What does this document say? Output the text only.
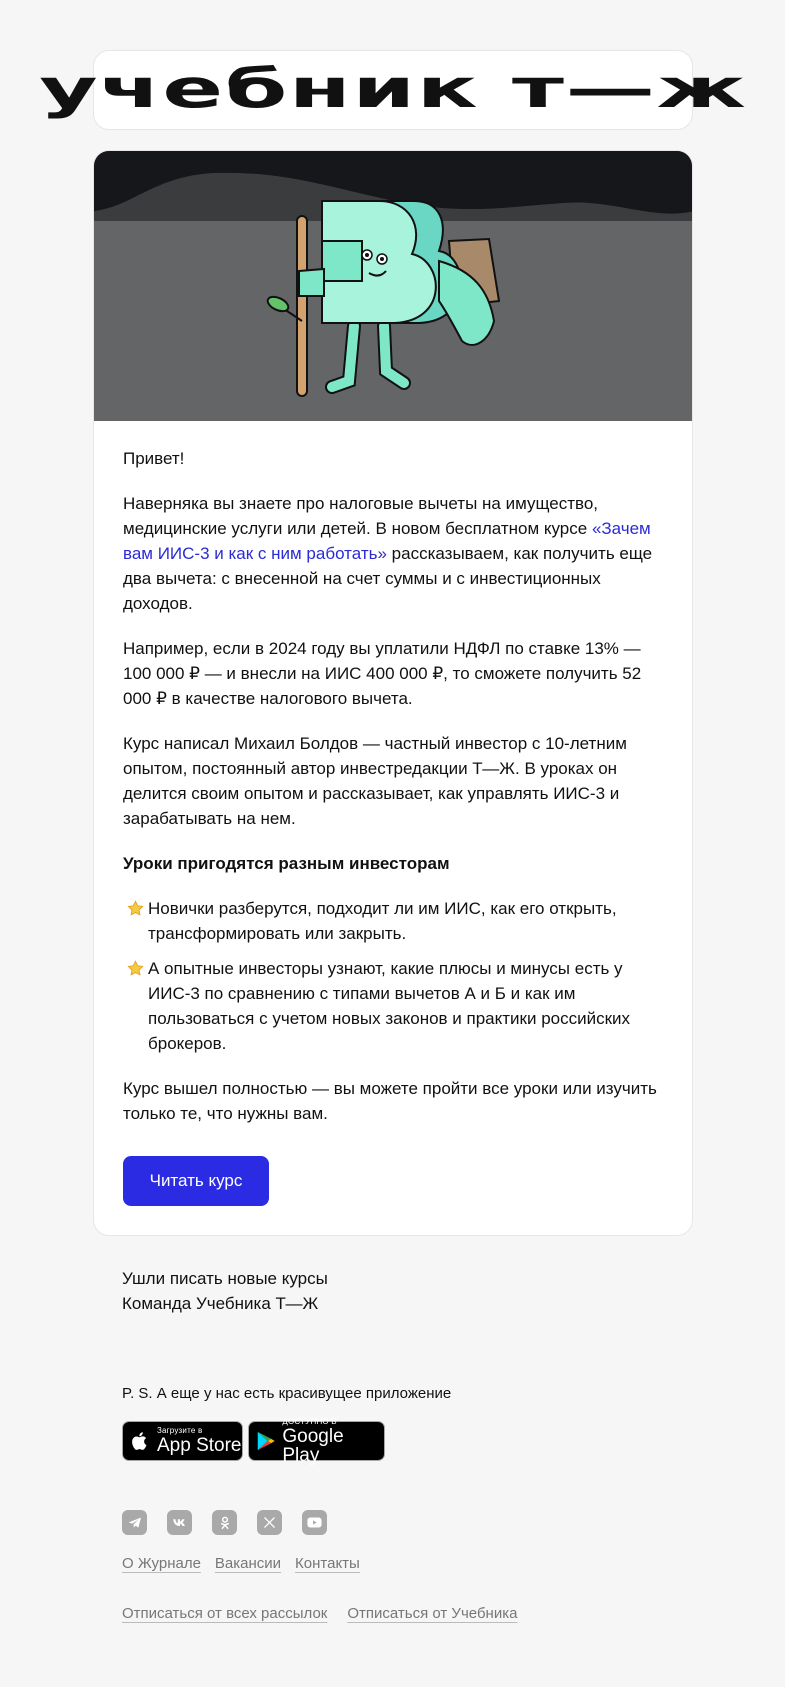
учебник т—ж

Привет!

Наверняка вы знаете про налоговые вычеты на имущество, медицинские услуги или детей. В новом бесплатном курсе «Зачем вам ИИС-3 и как с ним работать» рассказываем, как получить еще два вычета: с внесенной на счет суммы и с инвестиционных доходов.

Например, если в 2024 году вы уплатили НДФЛ по ставке 13% — 100 000 ₽ — и внесли на ИИС 400 000 ₽, то сможете получить 52 000 ₽ в качестве налогового вычета.

Курс написал Михаил Болдов — частный инвестор с 10-летним опытом, постоянный автор инвестредакции Т—Ж. В уроках он делится своим опытом и рассказывает, как управлять ИИС-3 и зарабатывать на нем.

Уроки пригодятся разным инвесторам
Новички разберутся, подходит ли им ИИС, как его открыть, трансформировать или закрыть.
А опытные инвесторы узнают, какие плюсы и минусы есть у ИИС-3 по сравнению с типами вычетов А и Б и как им пользоваться с учетом новых законов и практики российских брокеров.

Курс вышел полностью — вы можете пройти все уроки или изучить только те, что нужны вам.

Читать курс
Ушли писать новые курсы
Команда Учебника Т—Ж
P. S. А еще у нас есть красивущее приложение
Загрузите в
App Store
ДОСТУПНО В
Google Play
О Журнале Вакансии Контакты
Отписаться от всех рассылок Отписаться от Учебника
